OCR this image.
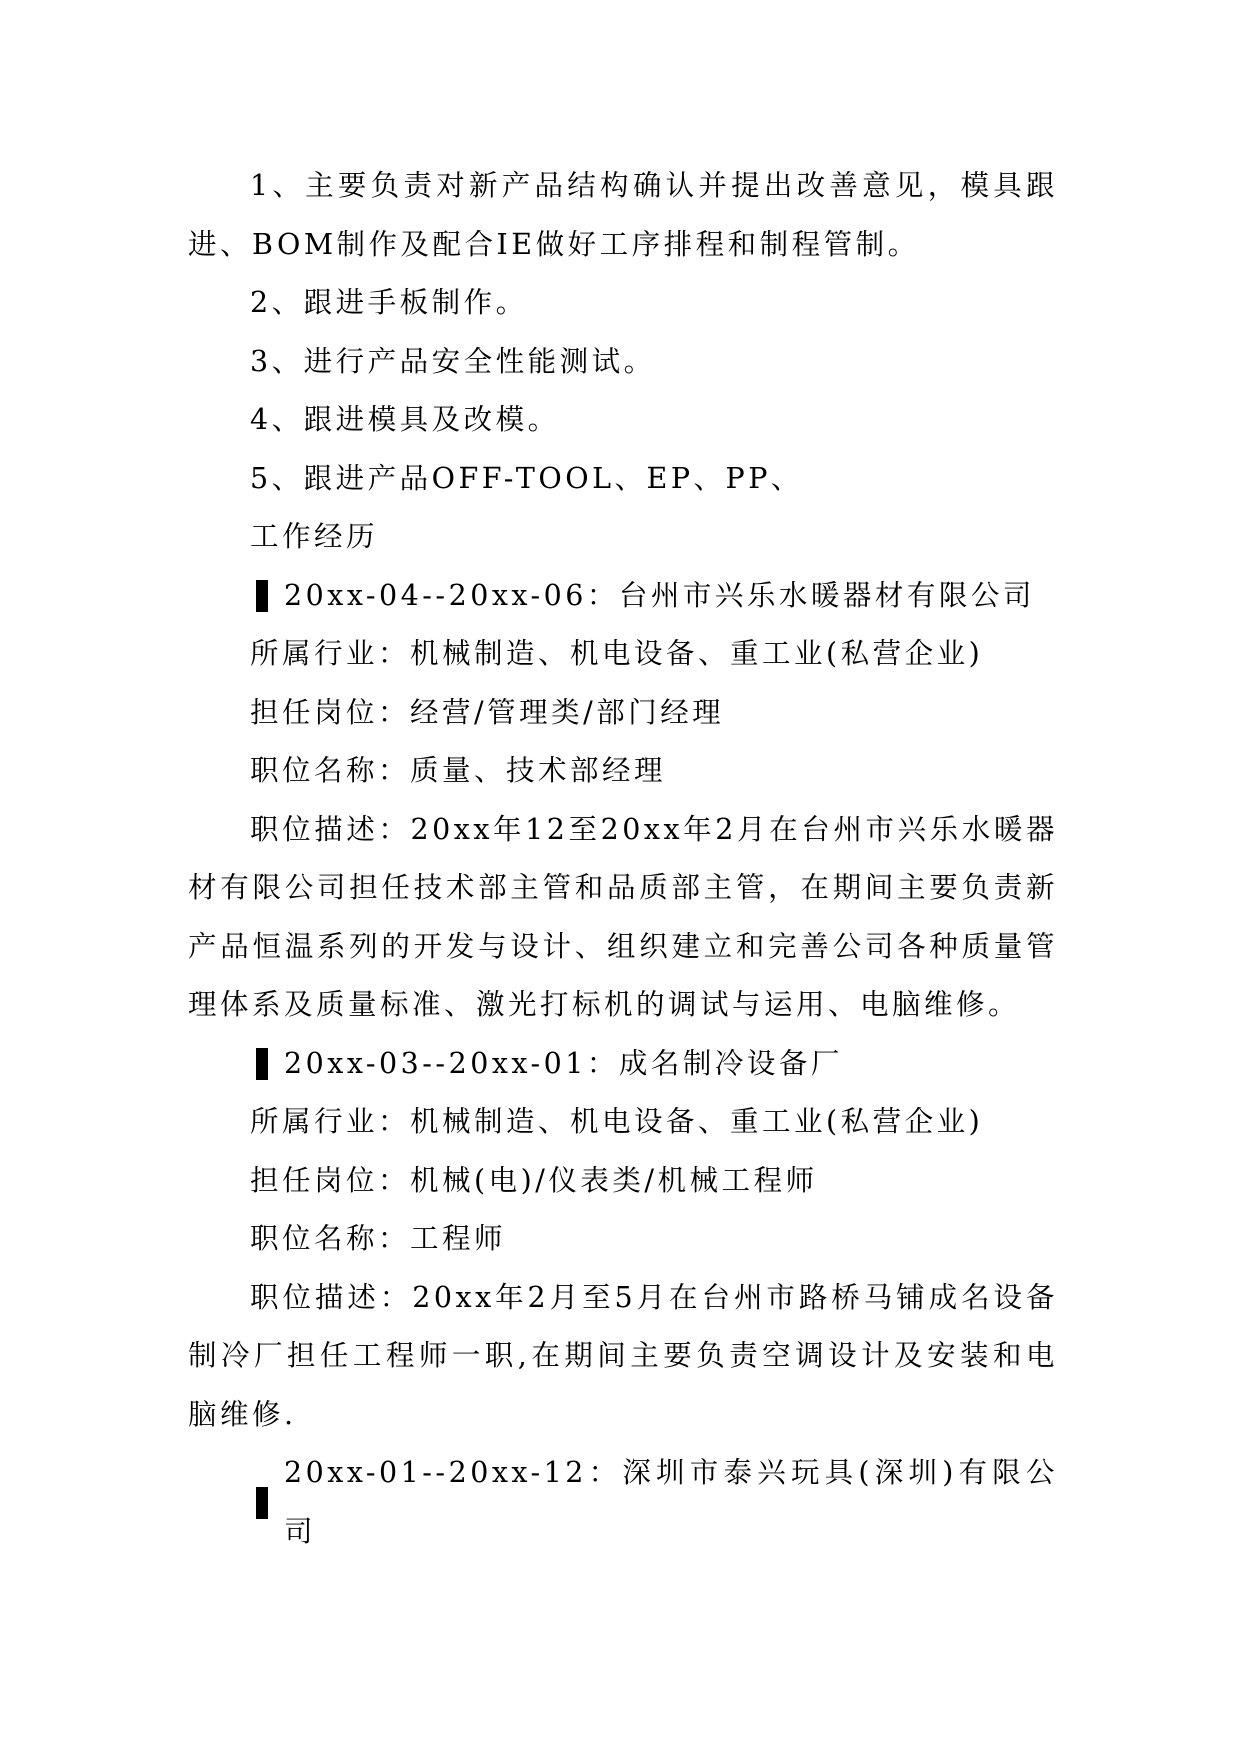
1、主要负责对新产品结构确认并提出改善意见，模具跟进、BOM制作及配合IE做好工序排程和制程管制。

2、跟进手板制作。

3、进行产品安全性能测试。

4、跟进模具及改模。

5、跟进产品OFF-TOOL、EP、PP、

工作经历

20xx-04--20xx-06：台州市兴乐水暖器材有限公司

所属行业：机械制造、机电设备、重工业(私营企业)

担任岗位：经营/管理类/部门经理

职位名称：质量、技术部经理

职位描述：20xx年12至20xx年2月在台州市兴乐水暖器材有限公司担任技术部主管和品质部主管，在期间主要负责新产品恒温系列的开发与设计、组织建立和完善公司各种质量管理体系及质量标准、激光打标机的调试与运用、电脑维修。

20xx-03--20xx-01：成名制冷设备厂

所属行业：机械制造、机电设备、重工业(私营企业)

担任岗位：机械(电)/仪表类/机械工程师

职位名称：工程师

职位描述：20xx年2月至5月在台州市路桥马铺成名设备制冷厂担任工程师一职,在期间主要负责空调设计及安装和电脑维修.

20xx-01--20xx-12：深圳市泰兴玩具(深圳)有限公司
